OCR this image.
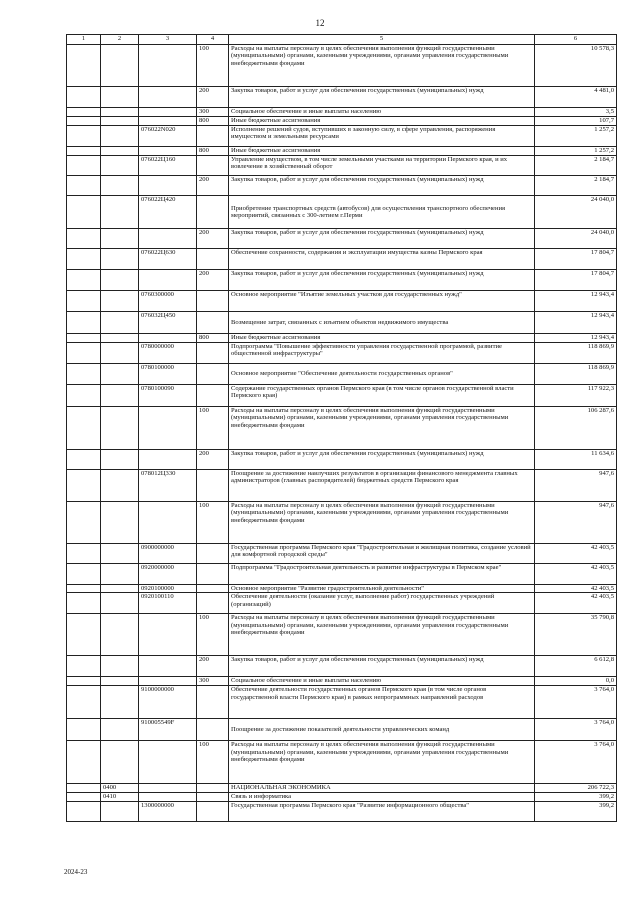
12
1	2	3	4	5	6
			100	Расходы на выплаты персоналу в целях обеспечения выполнения функций государственными (муниципальными) органами, казенными учреждениями, органами управления государственными внебюджетными фондами	10 578,3
			200	Закупка товаров, работ и услуг для обеспечения государственных (муниципальных) нужд	4 481,0
			300	Социальное обеспечение и иные выплаты населению	3,5
			800	Иные бюджетные ассигнования	107,7
		076022N020		Исполнение решений судов, вступивших в законную силу, в сфере управления, распоряжения имуществом и земельными ресурсами	1 257,2
			800	Иные бюджетные ассигнования	1 257,2
		076022Ц160		Управление имуществом, в том числе земельными участками на территории Пермского края, и их вовлечение в хозяйственный оборот	2 184,7
			200	Закупка товаров, работ и услуг для обеспечения государственных (муниципальных) нужд	2 184,7
		076022Ц420		Приобретение транспортных средств (автобусов) для осуществления транспортного обеспечения мероприятий, связанных с 300-летием г.Перми	24 040,0
			200	Закупка товаров, работ и услуг для обеспечения государственных (муниципальных) нужд	24 040,0
		076022Ц630		Обеспечение сохранности, содержания и эксплуатации имущества казны Пермского края	17 804,7
			200	Закупка товаров, работ и услуг для обеспечения государственных (муниципальных) нужд	17 804,7
		0760300000		Основное мероприятие "Изъятие земельных участков для государственных нужд"	12 943,4
		076032Ц450		Возмещение затрат, связанных с изъятием объектов недвижимого имущества	12 943,4
			800	Иные бюджетные ассигнования	12 943,4
		0780000000		Подпрограмма "Повышение эффективности управления государственной программой, развитие общественной инфраструктуры"	118 869,9
		0780100000		Основное мероприятие "Обеспечение деятельности государственных органов"	118 869,9
		0780100090		Содержание государственных органов Пермского края (в том числе органов государственной власти Пермского края)	117 922,3
			100	Расходы на выплаты персоналу в целях обеспечения выполнения функций государственными (муниципальными) органами, казенными учреждениями, органами управления государственными внебюджетными фондами	106 287,6
			200	Закупка товаров, работ и услуг для обеспечения государственных (муниципальных) нужд	11 634,6
		078012Ц330		Поощрение за достижение наилучших результатов в организации финансового менеджмента главных администраторов (главных распорядителей) бюджетных средств Пермского края	947,6
			100	Расходы на выплаты персоналу в целях обеспечения выполнения функций государственными (муниципальными) органами, казенными учреждениями, органами управления государственными внебюджетными фондами	947,6
		0900000000		Государственная программа Пермского края "Градостроительная и жилищная политика, создание условий для комфортной городской среды"	42 403,5
		0920000000		Подпрограмма "Градостроительная деятельность и развитие инфраструктуры в Пермском крае"	42 403,5
		0920100000		Основное мероприятие "Развитие градостроительной деятельности"	42 403,5
		0920100110		Обеспечение деятельности (оказание услуг, выполнение работ) государственных учреждений (организаций)	42 403,5
			100	Расходы на выплаты персоналу в целях обеспечения выполнения функций государственными (муниципальными) органами, казенными учреждениями, органами управления государственными внебюджетными фондами	35 790,8
			200	Закупка товаров, работ и услуг для обеспечения государственных (муниципальных) нужд	6 612,8
			300	Социальное обеспечение и иные выплаты населению	0,0
		9100000000		Обеспечение деятельности государственных органов Пермского края (в том числе органов государственной власти Пермского края) в рамках непрограммных направлений расходов	3 764,0
		910005549F		Поощрение за достижение показателей деятельности управленческих команд	3 764,0
			100	Расходы на выплаты персоналу в целях обеспечения выполнения функций государственными (муниципальными) органами, казенными учреждениями, органами управления государственными внебюджетными фондами	3 764,0
	0400			НАЦИОНАЛЬНАЯ ЭКОНОМИКА	206 722,3
	0410			Связь и информатика	399,2
		1300000000		Государственная программа Пермского края "Развитие информационного общества"	399,2
2024-23
